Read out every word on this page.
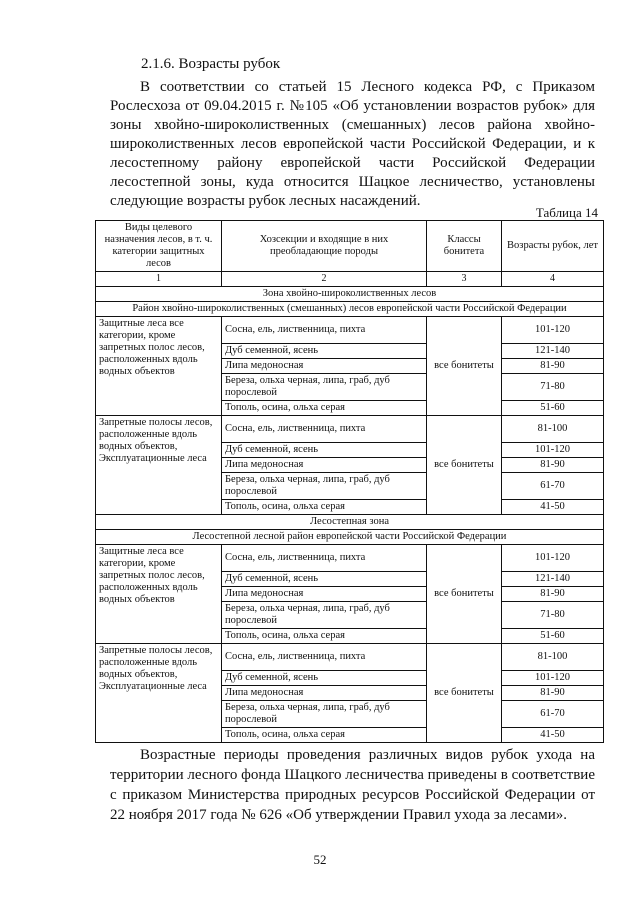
2.1.6. Возрасты рубок

В соответствии со статьей 15 Лесного кодекса РФ, с Приказом Рослесхоза от 09.04.2015 г. №105 «Об установлении возрастов рубок» для зоны хвойно-широколиственных (смешанных) лесов района хвойно-широколиственных лесов европейской части Российской Федерации, и к лесостепному району европейской части Российской Федерации лесостепной зоны, куда относится Шацкое лесничество, установлены следующие возрасты рубок лесных насаждений.

Таблица 14
Виды целевого назначения лесов, в т. ч. категории защитных лесов	Хозсекции и входящие в них преобладающие породы	Классы бонитета	Возрасты рубок, лет
1	2	3	4
Зона хвойно-широколиственных лесов			
Район хвойно-широколиственных (смешанных) лесов европейской части Российской Федерации			
Защитные леса все категории, кроме запретных полос лесов, расположенных вдоль водных объектов	Сосна, ель, лиственница, пихта	все бонитеты	101-120
	Дуб семенной, ясень		121-140
	Липа медоносная		81-90
	Береза, ольха черная, липа, граб, дуб порослевой		71-80
	Тополь, осина, ольха серая		51-60
Запретные полосы лесов, расположенные вдоль водных объектов, Эксплуатационные леса	Сосна, ель, лиственница, пихта	все бонитеты	81-100
	Дуб семенной, ясень		101-120
	Липа медоносная		81-90
	Береза, ольха черная, липа, граб, дуб порослевой		61-70
	Тополь, осина, ольха серая		41-50
Лесостепная зона			
Лесостепной лесной район европейской части Российской Федерации			
Защитные леса все категории, кроме запретных полос лесов, расположенных вдоль водных объектов	Сосна, ель, лиственница, пихта	все бонитеты	101-120
	Дуб семенной, ясень		121-140
	Липа медоносная		81-90
	Береза, ольха черная, липа, граб, дуб порослевой		71-80
	Тополь, осина, ольха серая		51-60
Запретные полосы лесов, расположенные вдоль водных объектов, Эксплуатационные леса	Сосна, ель, лиственница, пихта	все бонитеты	81-100
	Дуб семенной, ясень		101-120
	Липа медоносная		81-90
	Береза, ольха черная, липа, граб, дуб порослевой		61-70
	Тополь, осина, ольха серая		41-50

Возрастные периоды проведения различных видов рубок ухода на территории лесного фонда Шацкого лесничества приведены в соответствие с приказом Министерства природных ресурсов Российской Федерации от 22 ноября 2017 года № 626 «Об утверждении Правил ухода за лесами».

52
